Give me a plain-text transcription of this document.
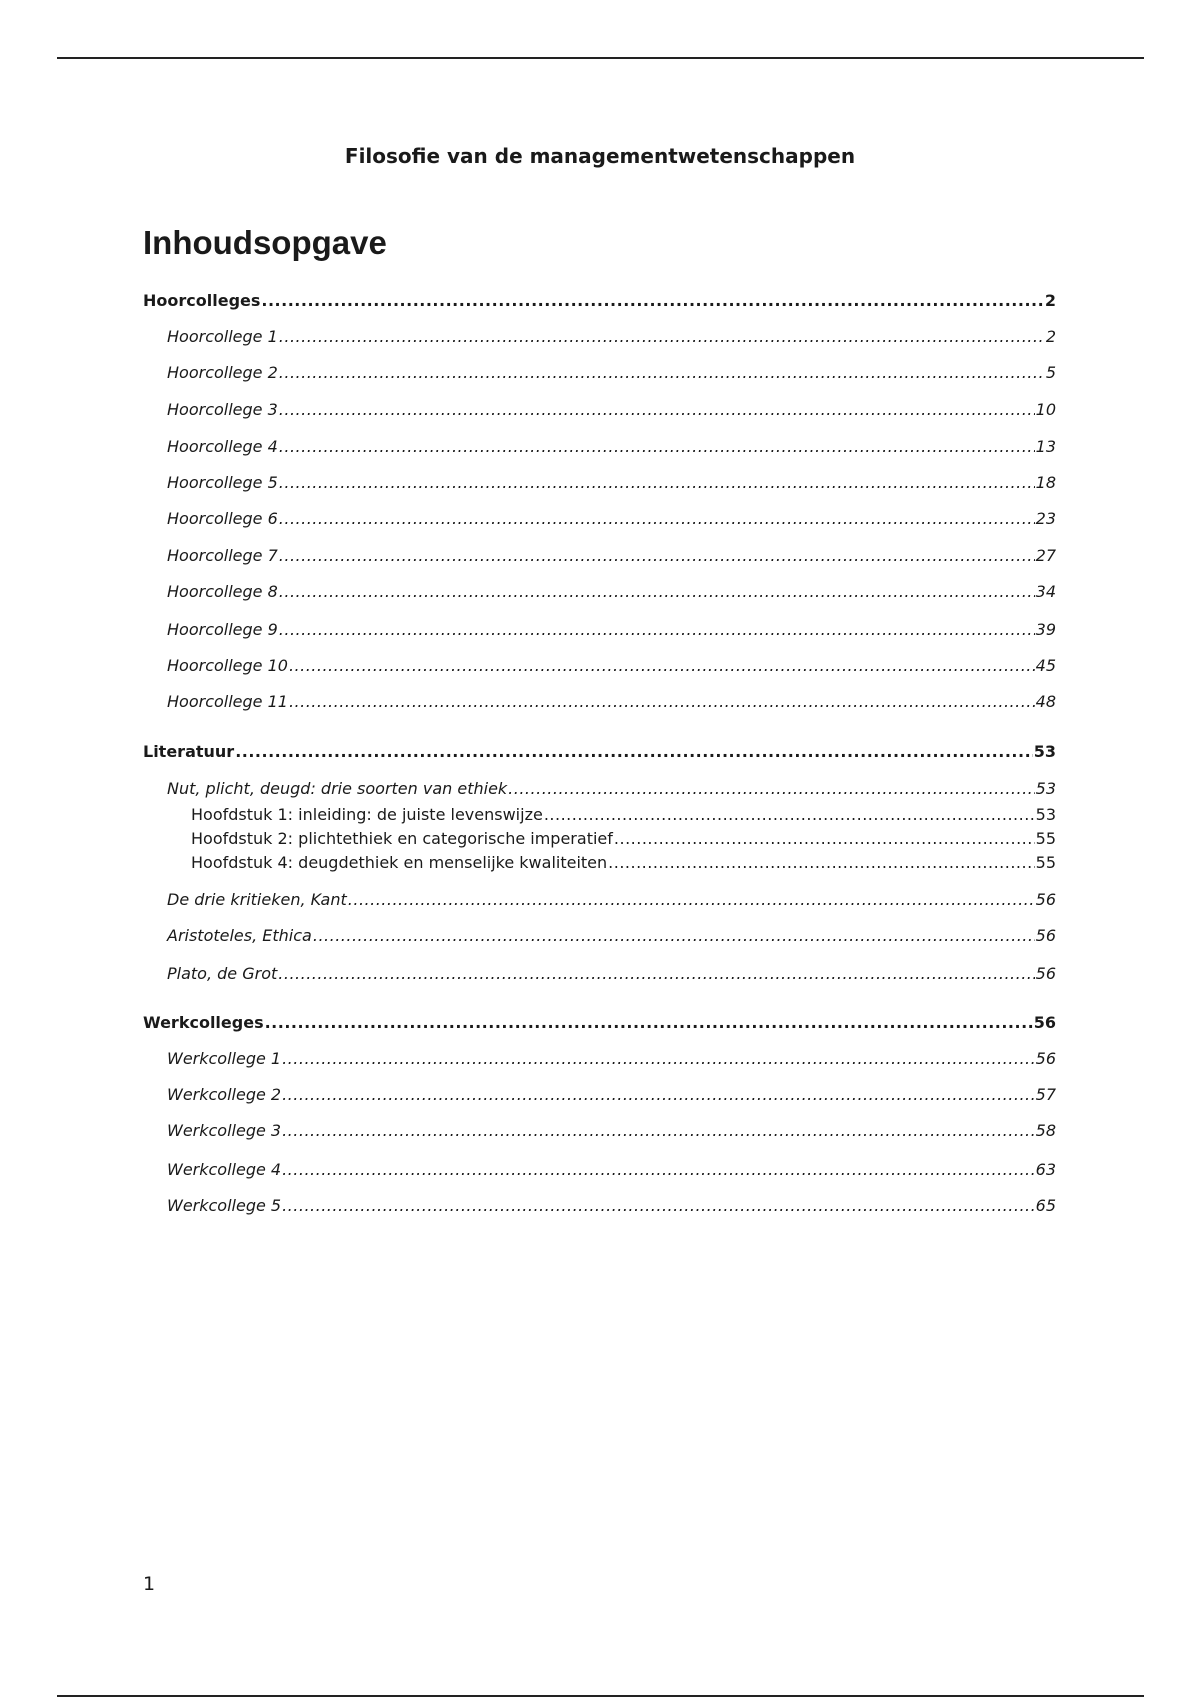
Filosofie van de managementwetenschappen
Inhoudsopgave
Hoorcolleges .....	2
Hoorcollege 1 .....	2
Hoorcollege 2 .....	5
Hoorcollege 3 .....	10
Hoorcollege 4 .....	13
Hoorcollege 5 .....	18
Hoorcollege 6 .....	23
Hoorcollege 7 .....	27
Hoorcollege 8 .....	34
Hoorcollege 9 .....	39
Hoorcollege 10 .....	45
Hoorcollege 11 .....	48
Literatuur .....	53
Nut, plicht, deugd: drie soorten van ethiek .....	53
Hoofdstuk 1: inleiding: de juiste levenswijze .....	53
Hoofdstuk 2: plichtethiek en categorische imperatief .....	55
Hoofdstuk 4: deugdethiek en menselijke kwaliteiten .....	55
De drie kritieken, Kant .....	56
Aristoteles, Ethica .....	56
Plato, de Grot .....	56
Werkcolleges .....	56
Werkcollege 1 .....	56
Werkcollege 2 .....	57
Werkcollege 3 .....	58
Werkcollege 4 .....	63
Werkcollege 5 .....	65
1
